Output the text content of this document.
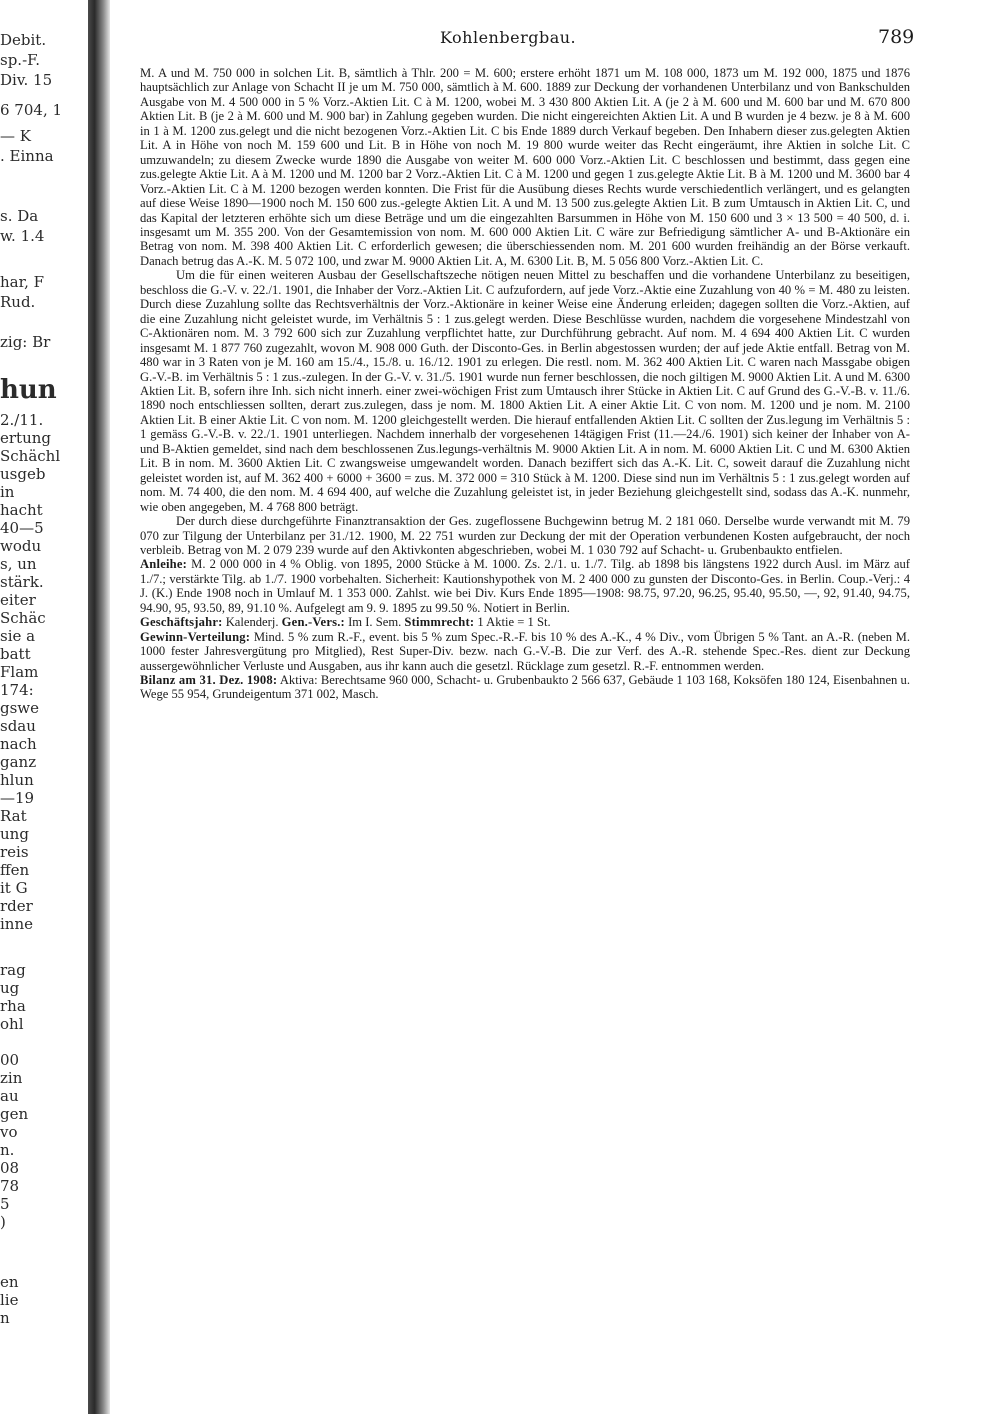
Debit.
sp.-F.
Div. 15
6 704, 1
— K
. Einna
s. Da
w. 1.4
har, F
Rud.
zig: Br
hun
2./11.
ertung
Schächl
usgeb
in
hacht
40—5
wodu
s, un
stärk.
eiter
Schäc
sie a
batt
Flam
174:
gswe
sdau
nach
ganz
hlun
—19
Rat
ung
reis
ffen
it G
rder
inne
rag
ug
rha
ohl
00
zin
au
gen
vo
n.
08
78
5
)
en
lie
n
Kohlenbergbau.	789

M. A und M. 750 000 in solchen Lit. B, sämtlich à Thlr. 200 = M. 600; erstere erhöht 1871 um M. 108 000, 1873 um M. 192 000, 1875 und 1876 hauptsächlich zur Anlage von Schacht II je um M. 750 000, sämtlich à M. 600. 1889 zur Deckung der vorhandenen Unterbilanz und von Bankschulden Ausgabe von M. 4 500 000 in 5 % Vorz.-Aktien Lit. C à M. 1200, wobei M. 3 430 800 Aktien Lit. A (je 2 à M. 600 und M. 600 bar und M. 670 800 Aktien Lit. B (je 2 à M. 600 und M. 900 bar) in Zahlung gegeben wurden. Die nicht eingereichten Aktien Lit. A und B wurden je 4 bezw. je 8 à M. 600 in 1 à M. 1200 zus.gelegt und die nicht bezogenen Vorz.-Aktien Lit. C bis Ende 1889 durch Verkauf begeben. Den Inhabern dieser zus.gelegten Aktien Lit. A in Höhe von noch M. 159 600 und Lit. B in Höhe von noch M. 19 800 wurde weiter das Recht eingeräumt, ihre Aktien in solche Lit. C umzuwandeln; zu diesem Zwecke wurde 1890 die Ausgabe von weiter M. 600 000 Vorz.-Aktien Lit. C beschlossen und bestimmt, dass gegen eine zus.gelegte Aktie Lit. A à M. 1200 und M. 1200 bar 2 Vorz.-Aktien Lit. C à M. 1200 und gegen 1 zus.gelegte Aktie Lit. B à M. 1200 und M. 3600 bar 4 Vorz.-Aktien Lit. C à M. 1200 bezogen werden konnten. Die Frist für die Ausübung dieses Rechts wurde verschiedentlich verlängert, und es gelangten auf diese Weise 1890—1900 noch M. 150 600 zus.-gelegte Aktien Lit. A und M. 13 500 zus.gelegte Aktien Lit. B zum Umtausch in Aktien Lit. C, und das Kapital der letzteren erhöhte sich um diese Beträge und um die eingezahlten Barsummen in Höhe von M. 150 600 und 3 × 13 500 = 40 500, d. i. insgesamt um M. 355 200. Von der Gesamtemission von nom. M. 600 000 Aktien Lit. C wäre zur Befriedigung sämtlicher A- und B-Aktionäre ein Betrag von nom. M. 398 400 Aktien Lit. C erforderlich gewesen; die überschiessenden nom. M. 201 600 wurden freihändig an der Börse verkauft. Danach betrug das A.-K. M. 5 072 100, und zwar M. 9000 Aktien Lit. A, M. 6300 Lit. B, M. 5 056 800 Vorz.-Aktien Lit. C.

Um die für einen weiteren Ausbau der Gesellschaftszeche nötigen neuen Mittel zu beschaffen und die vorhandene Unterbilanz zu beseitigen, beschloss die G.-V. v. 22./1. 1901, die Inhaber der Vorz.-Aktien Lit. C aufzufordern, auf jede Vorz.-Aktie eine Zuzahlung von 40 % = M. 480 zu leisten. Durch diese Zuzahlung sollte das Rechtsverhältnis der Vorz.-Aktionäre in keiner Weise eine Änderung erleiden; dagegen sollten die Vorz.-Aktien, auf die eine Zuzahlung nicht geleistet wurde, im Verhältnis 5 : 1 zus.gelegt werden. Diese Beschlüsse wurden, nachdem die vorgesehene Mindestzahl von C-Aktionären nom. M. 3 792 600 sich zur Zuzahlung verpflichtet hatte, zur Durchführung gebracht. Auf nom. M. 4 694 400 Aktien Lit. C wurden insgesamt M. 1 877 760 zugezahlt, wovon M. 908 000 Guth. der Disconto-Ges. in Berlin abgestossen wurden; der auf jede Aktie entfall. Betrag von M. 480 war in 3 Raten von je M. 160 am 15./4., 15./8. u. 16./12. 1901 zu erlegen. Die restl. nom. M. 362 400 Aktien Lit. C waren nach Massgabe obigen G.-V.-B. im Verhältnis 5 : 1 zus.-zulegen. In der G.-V. v. 31./5. 1901 wurde nun ferner beschlossen, die noch giltigen M. 9000 Aktien Lit. A und M. 6300 Aktien Lit. B, sofern ihre Inh. sich nicht innerh. einer zwei-wöchigen Frist zum Umtausch ihrer Stücke in Aktien Lit. C auf Grund des G.-V.-B. v. 11./6. 1890 noch entschliessen sollten, derart zus.zulegen, dass je nom. M. 1800 Aktien Lit. A einer Aktie Lit. C von nom. M. 1200 und je nom. M. 2100 Aktien Lit. B einer Aktie Lit. C von nom. M. 1200 gleichgestellt werden. Die hierauf entfallenden Aktien Lit. C sollten der Zus.legung im Verhältnis 5 : 1 gemäss G.-V.-B. v. 22./1. 1901 unterliegen. Nachdem innerhalb der vorgesehenen 14tägigen Frist (11.—24./6. 1901) sich keiner der Inhaber von A- und B-Aktien gemeldet, sind nach dem beschlossenen Zus.legungs-verhältnis M. 9000 Aktien Lit. A in nom. M. 6000 Aktien Lit. C und M. 6300 Aktien Lit. B in nom. M. 3600 Aktien Lit. C zwangsweise umgewandelt worden. Danach beziffert sich das A.-K. Lit. C, soweit darauf die Zuzahlung nicht geleistet worden ist, auf M. 362 400 + 6000 + 3600 = zus. M. 372 000 = 310 Stück à M. 1200. Diese sind nun im Verhältnis 5 : 1 zus.gelegt worden auf nom. M. 74 400, die den nom. M. 4 694 400, auf welche die Zuzahlung geleistet ist, in jeder Beziehung gleichgestellt sind, sodass das A.-K. nunmehr, wie oben angegeben, M. 4 768 800 beträgt.

Der durch diese durchgeführte Finanztransaktion der Ges. zugeflossene Buchgewinn betrug M. 2 181 060. Derselbe wurde verwandt mit M. 79 070 zur Tilgung der Unterbilanz per 31./12. 1900, M. 22 751 wurden zur Deckung der mit der Operation verbundenen Kosten aufgebraucht, der noch verbleib. Betrag von M. 2 079 239 wurde auf den Aktivkonten abgeschrieben, wobei M. 1 030 792 auf Schacht- u. Grubenbaukto entfielen.

Anleihe: M. 2 000 000 in 4 % Oblig. von 1895, 2000 Stücke à M. 1000. Zs. 2./1. u. 1./7. Tilg. ab 1898 bis längstens 1922 durch Ausl. im März auf 1./7.; verstärkte Tilg. ab 1./7. 1900 vorbehalten. Sicherheit: Kautionshypothek von M. 2 400 000 zu gunsten der Disconto-Ges. in Berlin. Coup.-Verj.: 4 J. (K.) Ende 1908 noch in Umlauf M. 1 353 000. Zahlst. wie bei Div. Kurs Ende 1895—1908: 98.75, 97.20, 96.25, 95.40, 95.50, —, 92, 91.40, 94.75, 94.90, 95, 93.50, 89, 91.10 %. Aufgelegt am 9. 9. 1895 zu 99.50 %. Notiert in Berlin.

Geschäftsjahr: Kalenderj. Gen.-Vers.: Im I. Sem. Stimmrecht: 1 Aktie = 1 St.

Gewinn-Verteilung: Mind. 5 % zum R.-F., event. bis 5 % zum Spec.-R.-F. bis 10 % des A.-K., 4 % Div., vom Übrigen 5 % Tant. an A.-R. (neben M. 1000 fester Jahresvergütung pro Mitglied), Rest Super-Div. bezw. nach G.-V.-B. Die zur Verf. des A.-R. stehende Spec.-Res. dient zur Deckung aussergewöhnlicher Verluste und Ausgaben, aus ihr kann auch die gesetzl. Rücklage zum gesetzl. R.-F. entnommen werden.

Bilanz am 31. Dez. 1908: Aktiva: Berechtsame 960 000, Schacht- u. Grubenbaukto 2 566 637, Gebäude 1 103 168, Koksöfen 180 124, Eisenbahnen u. Wege 55 954, Grundeigentum 371 002, Masch.
